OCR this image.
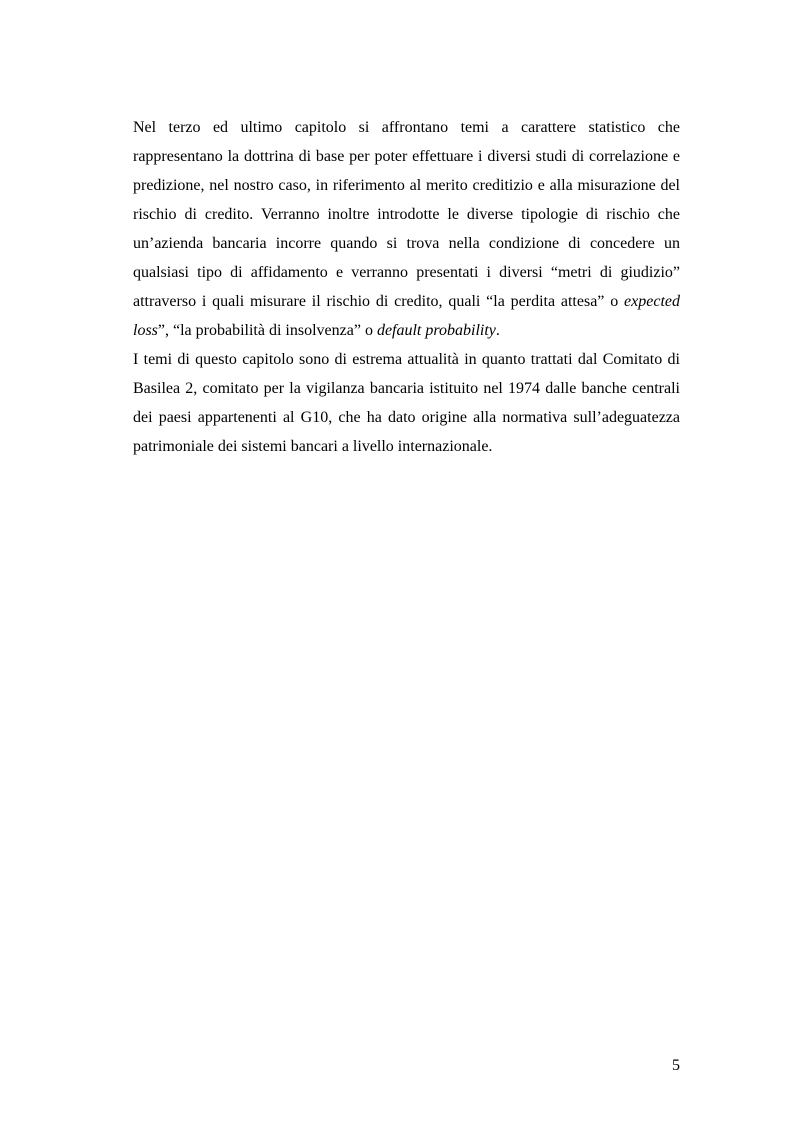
Nel terzo ed ultimo capitolo si affrontano temi a carattere statistico che rappresentano la dottrina di base per poter effettuare i diversi studi di correlazione e predizione, nel nostro caso, in riferimento al merito creditizio e alla misurazione del rischio di credito. Verranno inoltre introdotte le diverse tipologie di rischio che un’azienda bancaria incorre quando si trova nella condizione di concedere un qualsiasi tipo di affidamento e verranno presentati i diversi “metri di giudizio” attraverso i quali misurare il rischio di credito, quali “la perdita attesa” o expected loss”, “la probabilità di insolvenza” o default probability.

I temi di questo capitolo sono di estrema attualità in quanto trattati dal Comitato di Basilea 2, comitato per la vigilanza bancaria istituito nel 1974 dalle banche centrali dei paesi appartenenti al G10, che ha dato origine alla normativa sull’adeguatezza patrimoniale dei sistemi bancari a livello internazionale.

5
